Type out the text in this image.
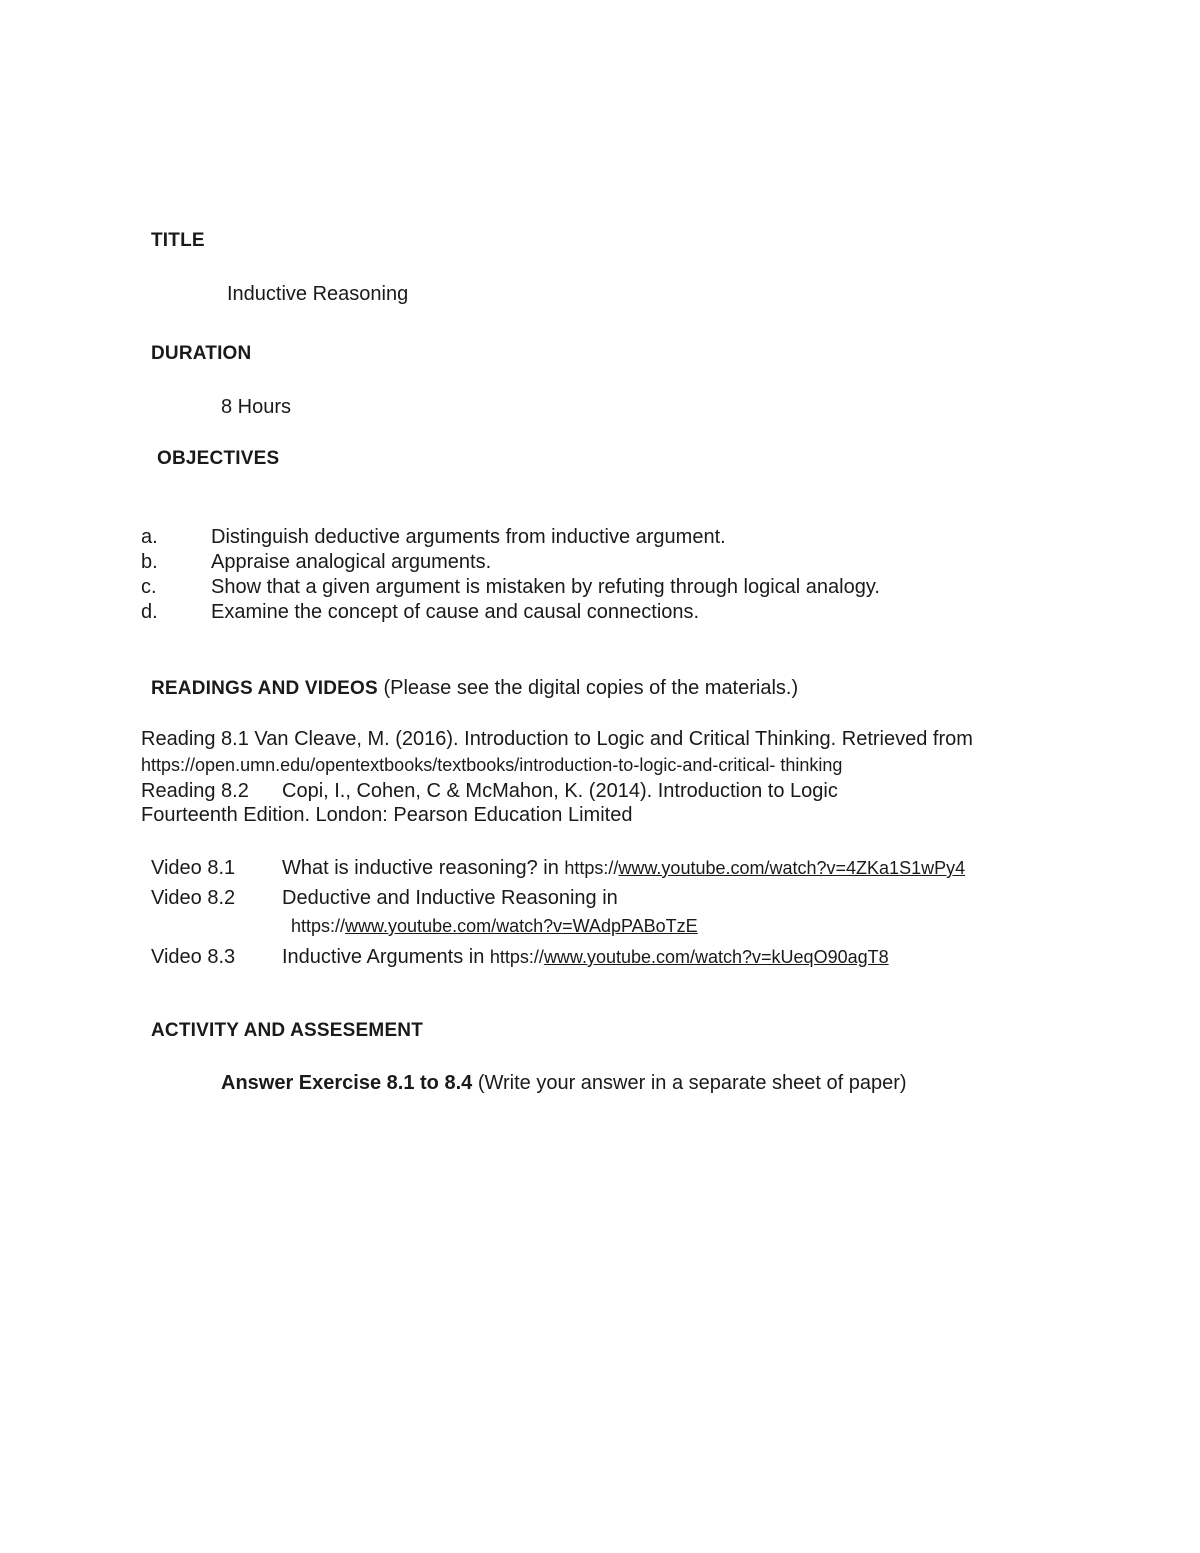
TITLE
Inductive Reasoning
DURATION
8 Hours
OBJECTIVES
a.	Distinguish deductive arguments from inductive argument.
b.	Appraise analogical arguments.
c.	Show that a given argument is mistaken by refuting through logical analogy.
d.	Examine the concept of cause and causal connections.
READINGS AND VIDEOS (Please see the digital copies of the materials.)
Reading 8.1 Van Cleave, M. (2016). Introduction to Logic and Critical Thinking. Retrieved from
https://open.umn.edu/opentextbooks/textbooks/introduction-to-logic-and-critical- thinking
Reading 8.2 Copi, I., Cohen, C & McMahon, K. (2014). Introduction to Logic
Fourteenth Edition. London: Pearson Education Limited
Video 8.1 What is inductive reasoning? in https://www.youtube.com/watch?v=4ZKa1S1wPy4
Video 8.2 Deductive and Inductive Reasoning in
https://www.youtube.com/watch?v=WAdpPABoTzE
Video 8.3 Inductive Arguments in https://www.youtube.com/watch?v=kUeqO90agT8
ACTIVITY AND ASSESEMENT
Answer Exercise 8.1 to 8.4 (Write your answer in a separate sheet of paper)
